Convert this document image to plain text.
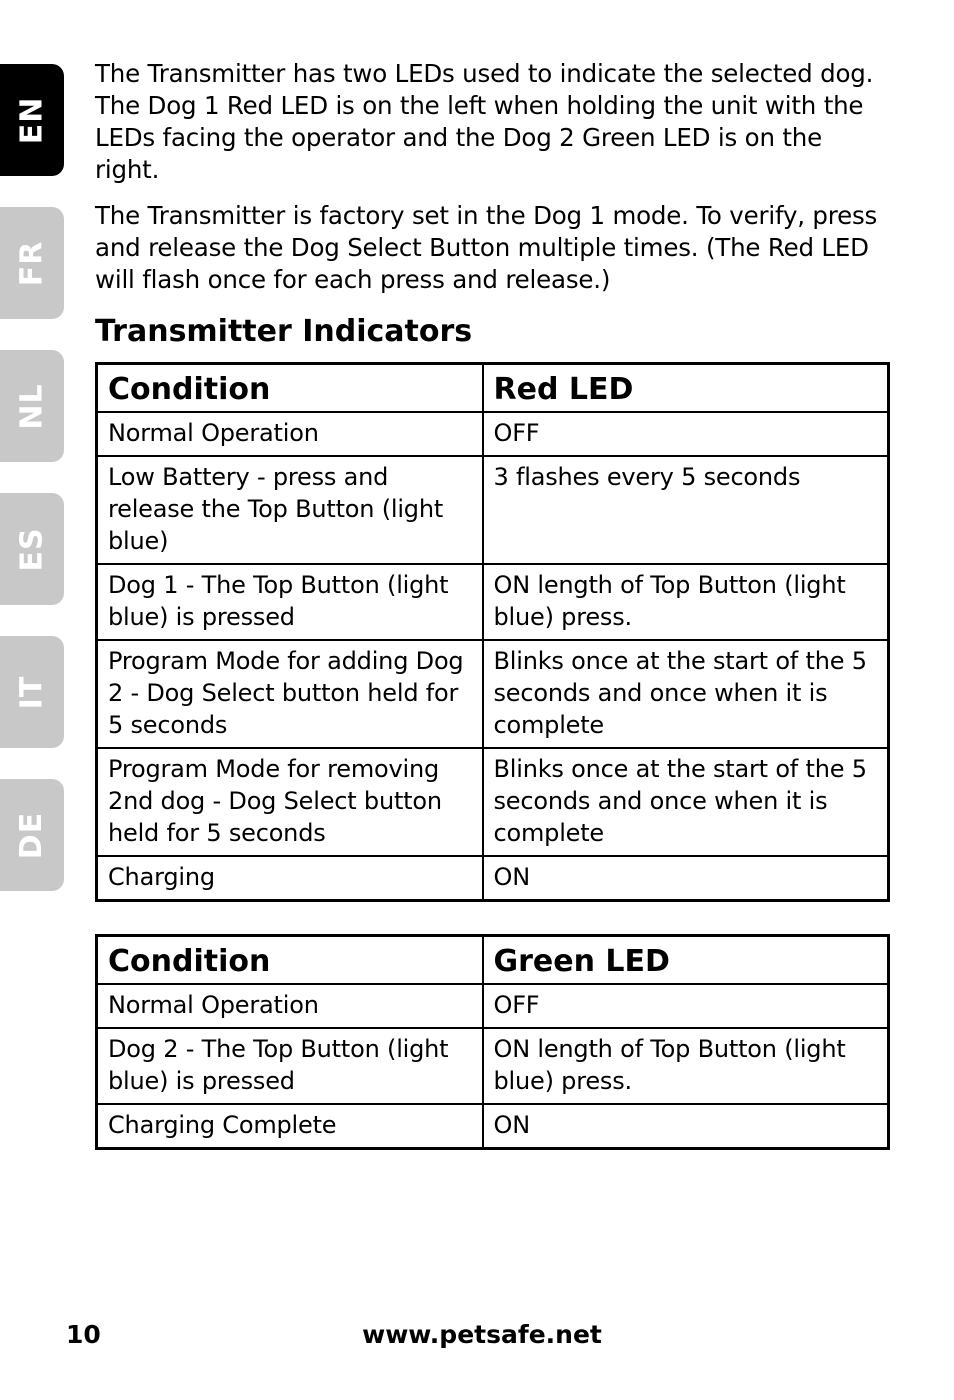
EN
FR
NL
ES
IT
DE

The Transmitter has two LEDs used to indicate the selected dog. The Dog 1 Red LED is on the left when holding the unit with the LEDs facing the operator and the Dog 2 Green LED is on the right.

The Transmitter is factory set in the Dog 1 mode. To verify, press and release the Dog Select Button multiple times. (The Red LED will flash once for each press and release.)

Transmitter Indicators
Condition	Red LED
Normal Operation	OFF
Low Battery - press and release the Top Button (light blue)	3 flashes every 5 seconds
Dog 1 - The Top Button (light blue) is pressed	ON length of Top Button (light blue) press.
Program Mode for adding Dog 2 - Dog Select button held for 5 seconds	Blinks once at the start of the 5 seconds and once when it is complete
Program Mode for removing 2nd dog - Dog Select button held for 5 seconds	Blinks once at the start of the 5 seconds and once when it is complete
Charging	ON
Condition	Green LED
Normal Operation	OFF
Dog 2 - The Top Button (light blue) is pressed	ON length of Top Button (light blue) press.
Charging Complete	ON
10	www.petsafe.net
